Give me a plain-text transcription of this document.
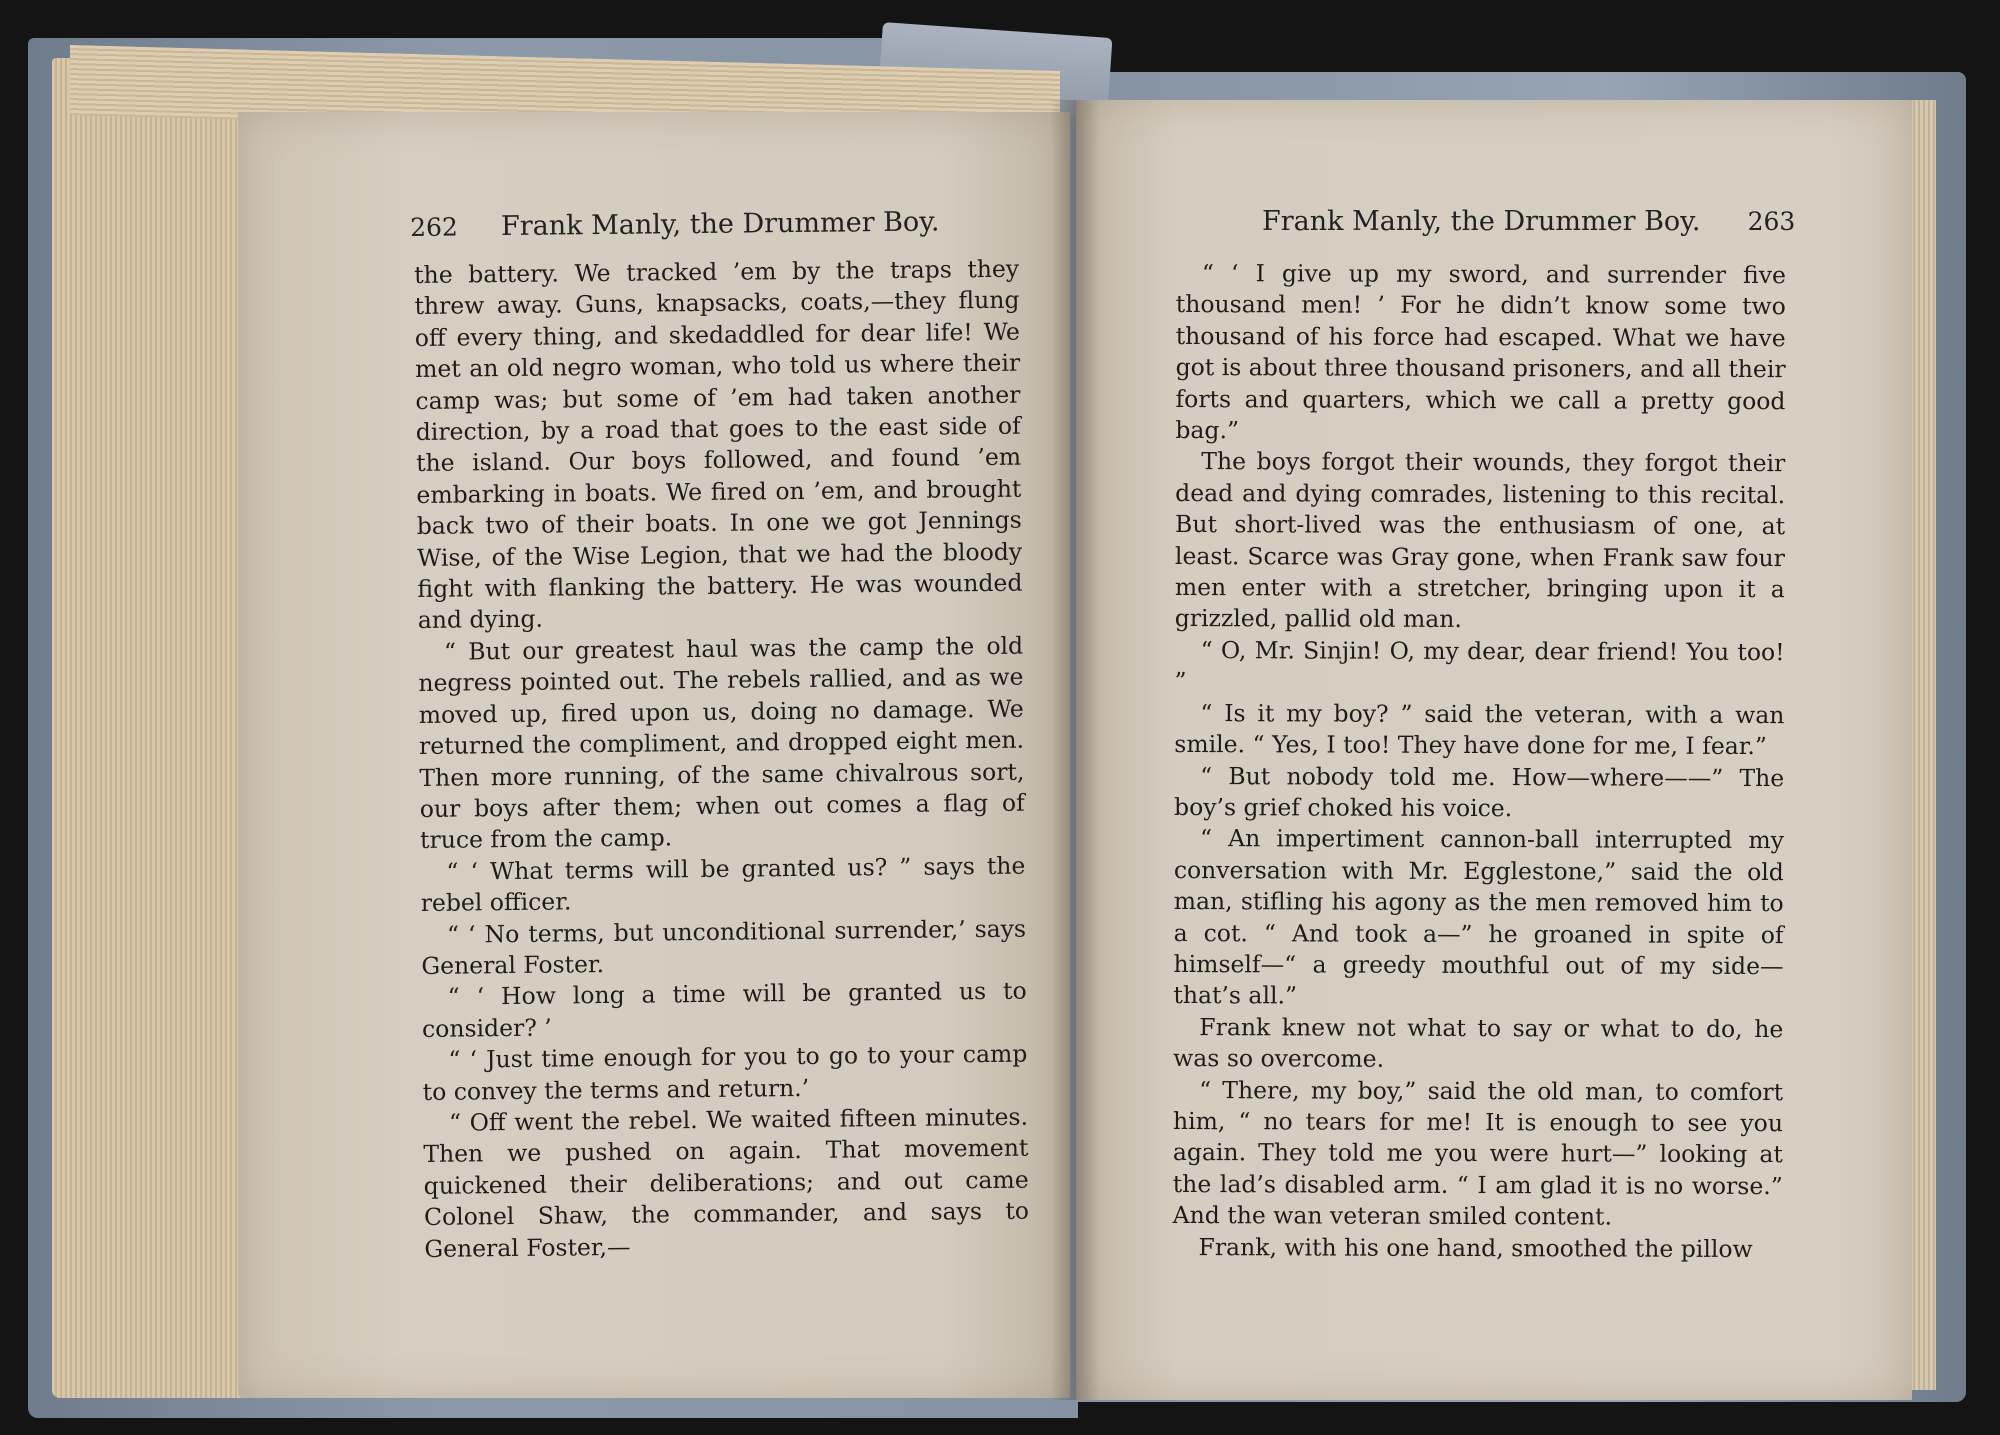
262 Frank Manly, the Drummer Boy.

the battery. We tracked ’em by the traps they threw away. Guns, knapsacks, coats,—they flung off every thing, and skedaddled for dear life! We met an old negro woman, who told us where their camp was; but some of ’em had taken another direction, by a road that goes to the east side of the island. Our boys followed, and found ’em embarking in boats. We fired on ’em, and brought back two of their boats. In one we got Jennings Wise, of the Wise Legion, that we had the bloody fight with flanking the battery. He was wounded and dying.

“ But our greatest haul was the camp the old negress pointed out. The rebels rallied, and as we moved up, fired upon us, doing no damage. We returned the compliment, and dropped eight men. Then more running, of the same chivalrous sort, our boys after them; when out comes a flag of truce from the camp.

“ ‘ What terms will be granted us? ” says the rebel officer.

“ ‘ No terms, but unconditional surrender,’ says General Foster.

“ ‘ How long a time will be granted us to consider? ’

“ ‘ Just time enough for you to go to your camp to convey the terms and return.’

“ Off went the rebel. We waited fifteen minutes. Then we pushed on again. That movement quickened their deliberations; and out came Colonel Shaw, the commander, and says to General Foster,—

Frank Manly, the Drummer Boy. 263

“ ‘ I give up my sword, and surrender five thousand men! ’ For he didn’t know some two thousand of his force had escaped. What we have got is about three thousand prisoners, and all their forts and quarters, which we call a pretty good bag.”

The boys forgot their wounds, they forgot their dead and dying comrades, listening to this recital. But short-lived was the enthusiasm of one, at least. Scarce was Gray gone, when Frank saw four men enter with a stretcher, bringing upon it a grizzled, pallid old man.

“ O, Mr. Sinjin! O, my dear, dear friend! You too! ”

“ Is it my boy? ” said the veteran, with a wan smile. “ Yes, I too! They have done for me, I fear.”

“ But nobody told me. How—where——” The boy’s grief choked his voice.

“ An impertiment cannon-ball interrupted my conversation with Mr. Egglestone,” said the old man, stifling his agony as the men removed him to a cot. “ And took a—” he groaned in spite of himself—“ a greedy mouthful out of my side—that’s all.”

Frank knew not what to say or what to do, he was so overcome.

“ There, my boy,” said the old man, to comfort him, “ no tears for me! It is enough to see you again. They told me you were hurt—” looking at the lad’s disabled arm. “ I am glad it is no worse.” And the wan veteran smiled content.

Frank, with his one hand, smoothed the pillow
